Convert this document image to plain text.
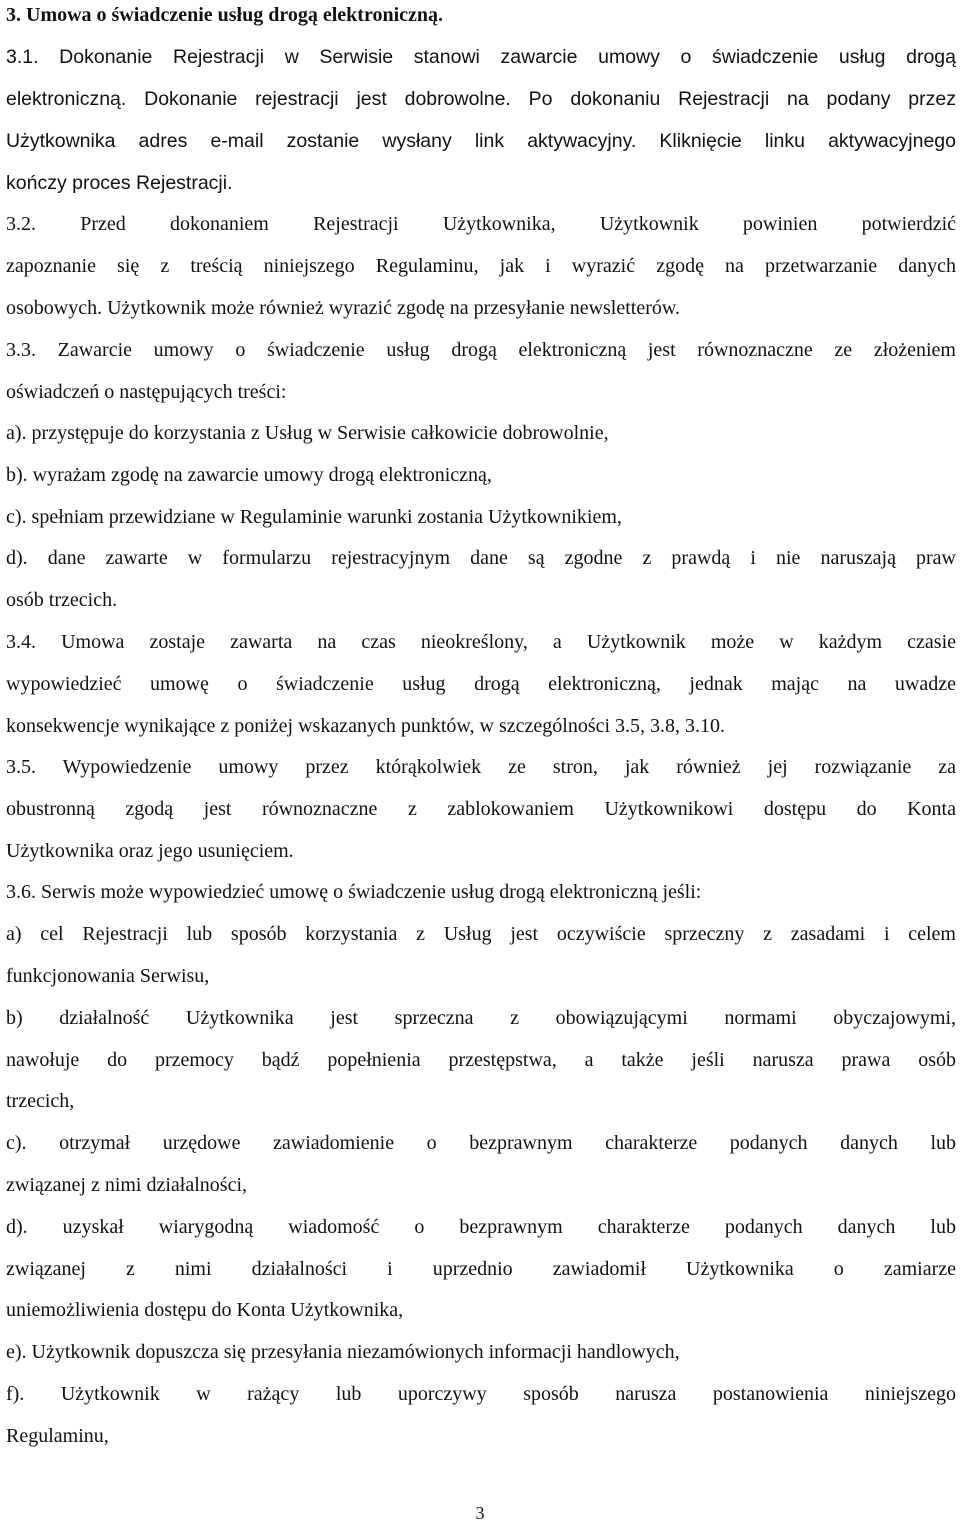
3. Umowa o świadczenie usług drogą elektroniczną.
3.1. Dokonanie Rejestracji w Serwisie stanowi zawarcie umowy o świadczenie usług drogą
elektroniczną. Dokonanie rejestracji jest dobrowolne. Po dokonaniu Rejestracji na podany przez
Użytkownika adres e-mail zostanie wysłany link aktywacyjny. Kliknięcie linku aktywacyjnego
kończy proces Rejestracji.
3.2. Przed dokonaniem Rejestracji Użytkownika, Użytkownik powinien potwierdzić
zapoznanie się z treścią niniejszego Regulaminu, jak i wyrazić zgodę na przetwarzanie danych
osobowych. Użytkownik może również wyrazić zgodę na przesyłanie newsletterów.
3.3. Zawarcie umowy o świadczenie usług drogą elektroniczną jest równoznaczne ze złożeniem
oświadczeń o następujących treści:
a). przystępuje do korzystania z Usług w Serwisie całkowicie dobrowolnie,
b). wyrażam zgodę na zawarcie umowy drogą elektroniczną,
c). spełniam przewidziane w Regulaminie warunki zostania Użytkownikiem,
d). dane zawarte w formularzu rejestracyjnym dane są zgodne z prawdą i nie naruszają praw
osób trzecich.
3.4. Umowa zostaje zawarta na czas nieokreślony, a Użytkownik może w każdym czasie
wypowiedzieć umowę o świadczenie usług drogą elektroniczną, jednak mając na uwadze
konsekwencje wynikające z poniżej wskazanych punktów, w szczególności 3.5, 3.8, 3.10.
3.5. Wypowiedzenie umowy przez którąkolwiek ze stron, jak również jej rozwiązanie za
obustronną zgodą jest równoznaczne z zablokowaniem Użytkownikowi dostępu do Konta
Użytkownika oraz jego usunięciem.
3.6. Serwis może wypowiedzieć umowę o świadczenie usług drogą elektroniczną jeśli:
a) cel Rejestracji lub sposób korzystania z Usług jest oczywiście sprzeczny z zasadami i celem
funkcjonowania Serwisu,
b) działalność Użytkownika jest sprzeczna z obowiązującymi normami obyczajowymi,
nawołuje do przemocy bądź popełnienia przestępstwa, a także jeśli narusza prawa osób
trzecich,
c). otrzymał urzędowe zawiadomienie o bezprawnym charakterze podanych danych lub
związanej z nimi działalności,
d). uzyskał wiarygodną wiadomość o bezprawnym charakterze podanych danych lub
związanej z nimi działalności i uprzednio zawiadomił Użytkownika o zamiarze
uniemożliwienia dostępu do Konta Użytkownika,
e). Użytkownik dopuszcza się przesyłania niezamówionych informacji handlowych,
f). Użytkownik w rażący lub uporczywy sposób narusza postanowienia niniejszego
Regulaminu,
3
